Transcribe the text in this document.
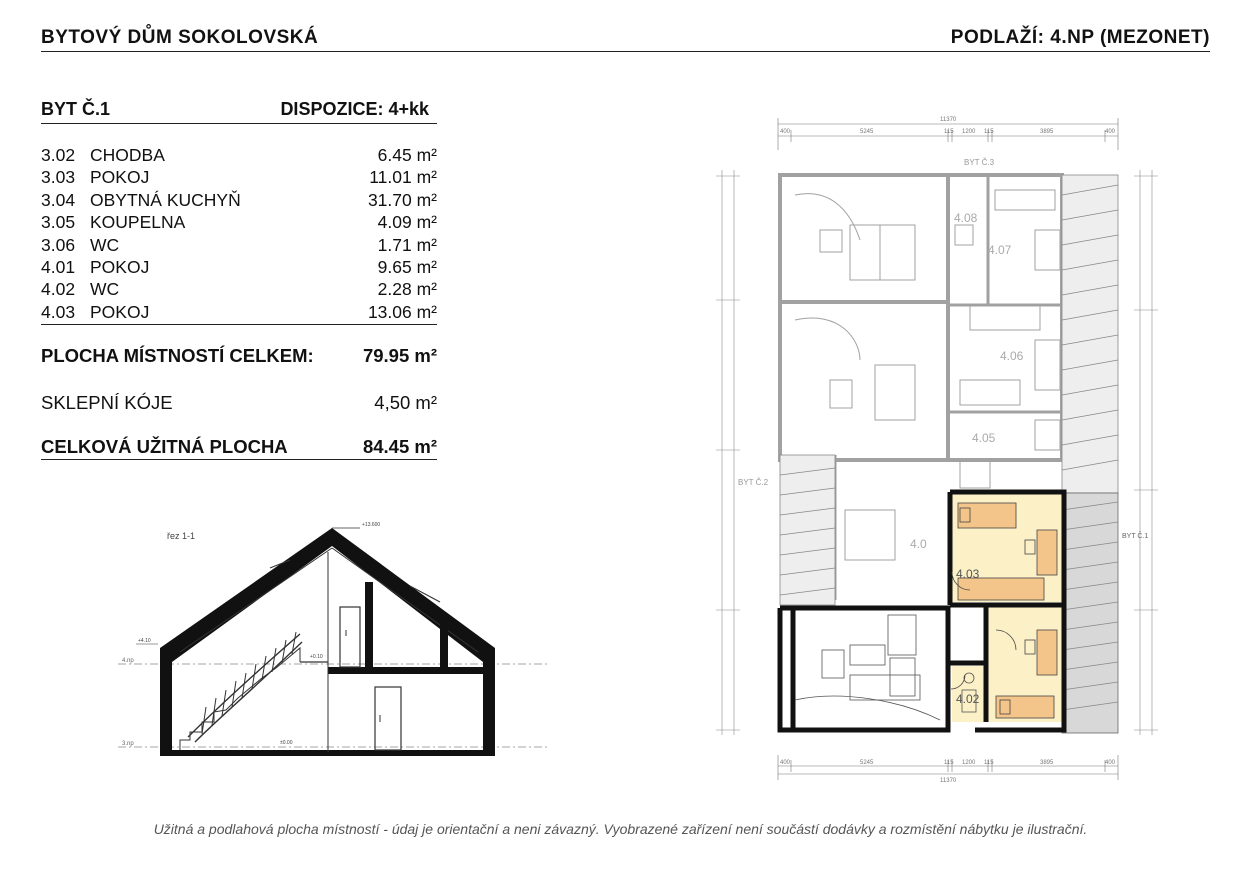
BYTOVÝ DŮM SOKOLOVSKÁ	PODLAŽÍ: 4.NP (MEZONET)
BYT Č.1	DISPOZICE: 4+kk
3.02 CHODBA	6.45 m²
3.03 POKOJ	11.01 m²
3.04 OBYTNÁ KUCHYŇ	31.70 m²
3.05 KOUPELNA	4.09 m²
3.06 WC	1.71 m²
4.01 POKOJ	9.65 m²
4.02 WC	2.28 m²
4.03 POKOJ	13.06 m²
PLOCHA MÍSTNOSTÍ CELKEM:	79.95 m²
SKLEPNÍ KÓJE	4,50 m²
CELKOVÁ UŽITNÁ PLOCHA	84.45 m²
řez 1-1
4.np
3.np
+13.600
+0.10
±0.00
+4.10
11370
400	5245	115 1200 115	3895	400
BYT Č.3
BYT Č.2
4.08
4.07
4.06
4.05
4.0
4.03
4.02
BYT Č.1
400	5245	115 1200 115	3895	400
11370
Užitná a podlahová plocha místností - údaj je orientační a neni závazný. Vyobrazené zařízení není součástí dodávky a rozmístění nábytku je ilustrační.
